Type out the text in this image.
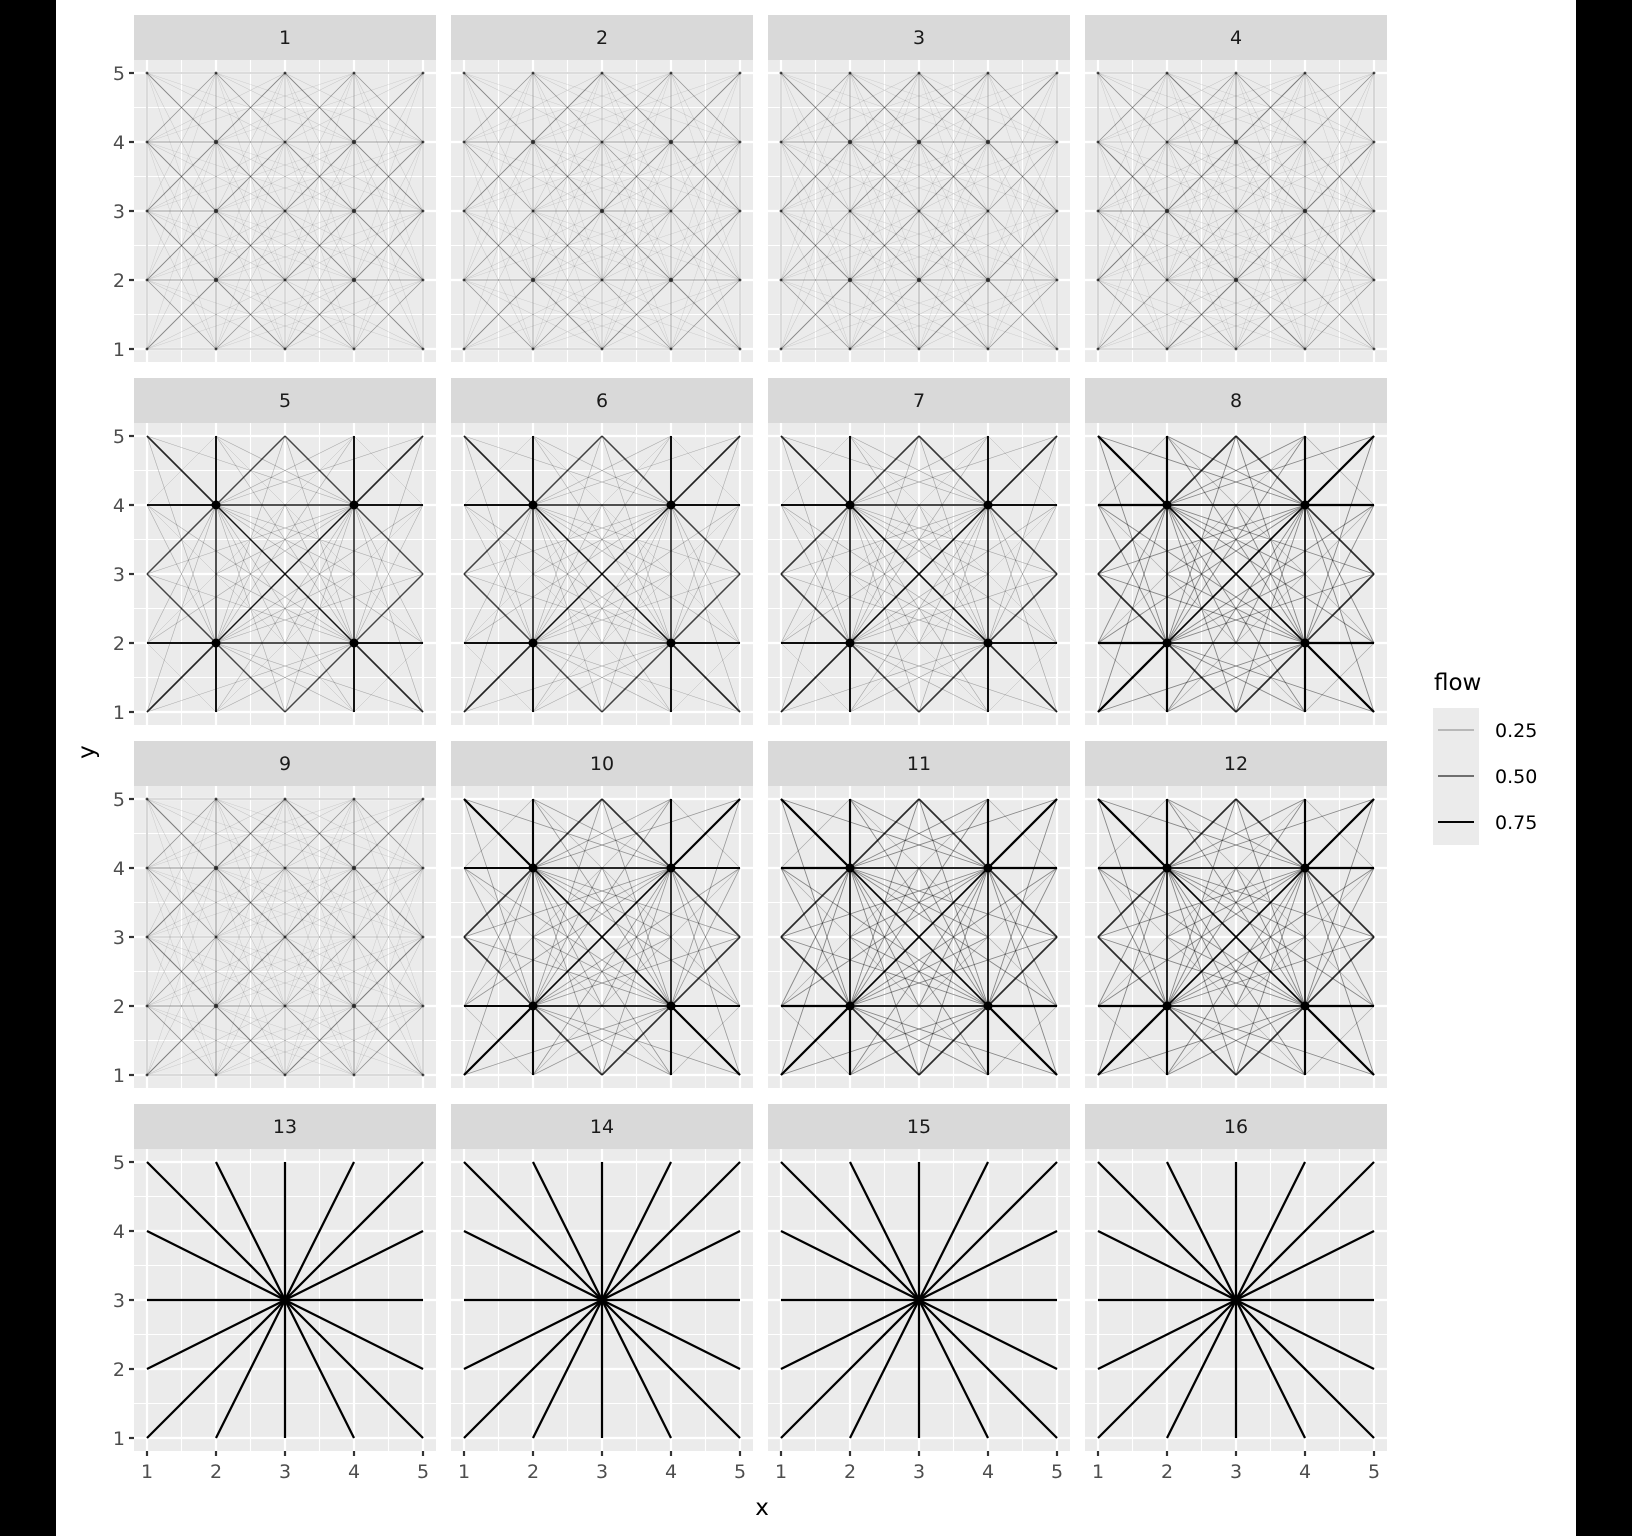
1	2	3	4
5	6	7	8
9	10	11	12
13	14	15	16
1
2
3
4
5
1
2
3
4
5
1
2
3
4
5
1
2
3
4
5
1	2	3	4	5 1	2	3	4	5 1	2	3	4	5 1	2	3	4	5
x
y
flow
0.25
0.50
0.75
